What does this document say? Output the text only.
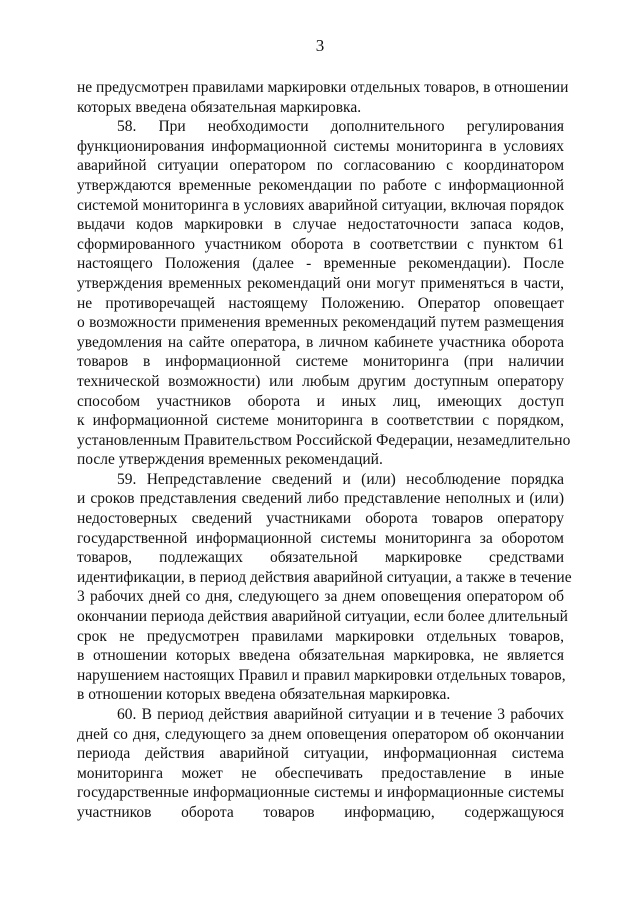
3
не предусмотрен правилами маркировки отдельных товаров, в отношении
которых введена обязательная маркировка.
58. При необходимости дополнительного регулирования
функционирования информационной системы мониторинга в условиях
аварийной ситуации оператором по согласованию с координатором
утверждаются временные рекомендации по работе с информационной
системой мониторинга в условиях аварийной ситуации, включая порядок
выдачи кодов маркировки в случае недостаточности запаса кодов,
сформированного участником оборота в соответствии с пунктом 61
настоящего Положения (далее - временные рекомендации). После
утверждения временных рекомендаций они могут применяться в части,
не противоречащей настоящему Положению. Оператор оповещает
о возможности применения временных рекомендаций путем размещения
уведомления на сайте оператора, в личном кабинете участника оборота
товаров в информационной системе мониторинга (при наличии
технической возможности) или любым другим доступным оператору
способом участников оборота и иных лиц, имеющих доступ
к информационной системе мониторинга в соответствии с порядком,
установленным Правительством Российской Федерации, незамедлительно
после утверждения временных рекомендаций.
59. Непредставление сведений и (или) несоблюдение порядка
и сроков представления сведений либо представление неполных и (или)
недостоверных сведений участниками оборота товаров оператору
государственной информационной системы мониторинга за оборотом
товаров, подлежащих обязательной маркировке средствами
идентификации, в период действия аварийной ситуации, а также в течение
3 рабочих дней со дня, следующего за днем оповещения оператором об
окончании периода действия аварийной ситуации, если более длительный
срок не предусмотрен правилами маркировки отдельных товаров,
в отношении которых введена обязательная маркировка, не является
нарушением настоящих Правил и правил маркировки отдельных товаров,
в отношении которых введена обязательная маркировка.
60. В период действия аварийной ситуации и в течение 3 рабочих
дней со дня, следующего за днем оповещения оператором об окончании
периода действия аварийной ситуации, информационная система
мониторинга может не обеспечивать предоставление в иные
государственные информационные системы и информационные системы
участников оборота товаров информацию, содержащуюся
